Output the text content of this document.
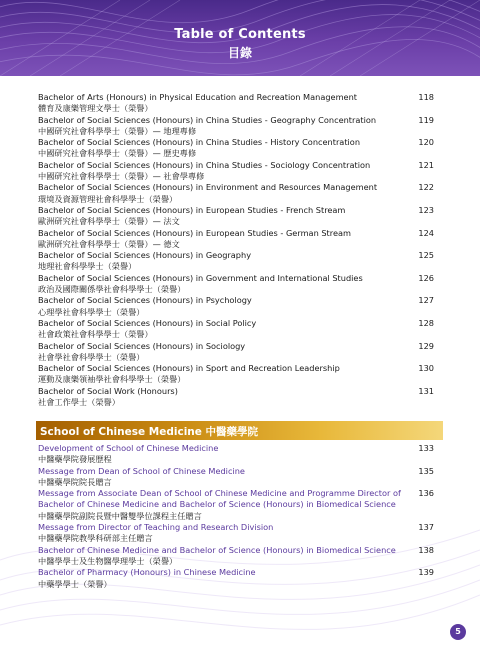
Table of Contents
目錄
Bachelor of Arts (Honours) in Physical Education and Recreation Management
體育及康樂管理文學士（榮譽）
118
Bachelor of Social Sciences (Honours) in China Studies - Geography Concentration
中國研究社會科學學士（榮譽）— 地理專修
119
Bachelor of Social Sciences (Honours) in China Studies - History Concentration
中國研究社會科學學士（榮譽）— 歷史專修
120
Bachelor of Social Sciences (Honours) in China Studies - Sociology Concentration
中國研究社會科學學士（榮譽）— 社會學專修
121
Bachelor of Social Sciences (Honours) in Environment and Resources Management
環境及資源管理社會科學學士（榮譽）
122
Bachelor of Social Sciences (Honours) in European Studies - French Stream
歐洲研究社會科學學士（榮譽）— 法文
123
Bachelor of Social Sciences (Honours) in European Studies - German Stream
歐洲研究社會科學學士（榮譽）— 德文
124
Bachelor of Social Sciences (Honours) in Geography
地理社會科學學士（榮譽）
125
Bachelor of Social Sciences (Honours) in Government and International Studies
政治及國際關係學社會科學學士（榮譽）
126
Bachelor of Social Sciences (Honours) in Psychology
心理學社會科學學士（榮譽）
127
Bachelor of Social Sciences (Honours) in Social Policy
社會政策社會科學學士（榮譽）
128
Bachelor of Social Sciences (Honours) in Sociology
社會學社會科學學士（榮譽）
129
Bachelor of Social Sciences (Honours) in Sport and Recreation Leadership
運動及康樂領袖學社會科學學士（榮譽）
130
Bachelor of Social Work (Honours)
社會工作學士（榮譽）
131
School of Chinese Medicine 中醫藥學院
Development of School of Chinese Medicine
中醫藥學院發展歷程
133
Message from Dean of School of Chinese Medicine
中醫藥學院院長贈言
135
Message from Associate Dean of School of Chinese Medicine and Programme Director of
Bachelor of Chinese Medicine and Bachelor of Science (Honours) in Biomedical Science
中醫藥學院副院長暨中醫雙學位課程主任贈言
136
Message from Director of Teaching and Research Division
中醫藥學院教學科研部主任贈言
137
Bachelor of Chinese Medicine and Bachelor of Science (Honours) in Biomedical Science
中醫學學士及生物醫學理學士（榮譽）
138
Bachelor of Pharmacy (Honours) in Chinese Medicine
中藥學學士（榮譽）
139
5
